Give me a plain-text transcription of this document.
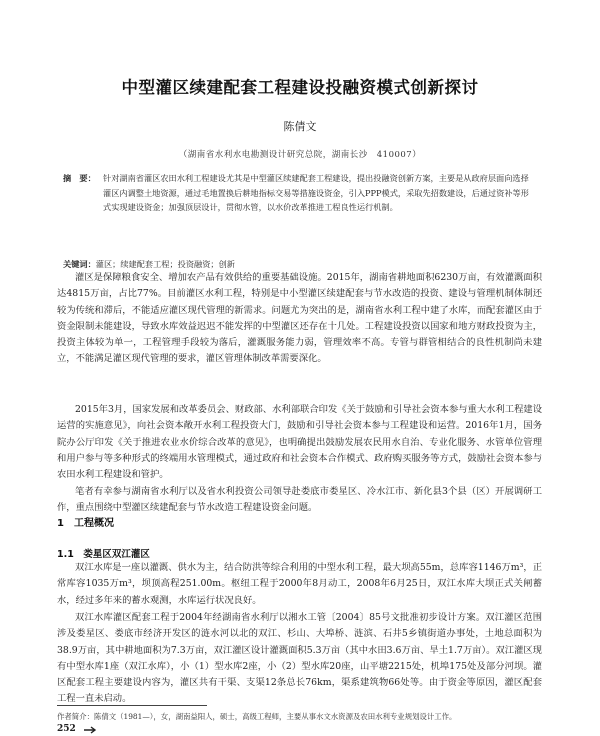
中型灌区续建配套工程建设投融资模式创新探讨
陈倩文
（湖南省水利水电勘测设计研究总院，湖南长沙　410007）
摘　要： 针对湖南省灌区农田水利工程建设尤其是中型灌区续建配套工程建设，提出投融资创新方案，主要是从政府层面向选择灌区内调整土地资源，通过毛地置换后耕地指标交易等措施设资金，引入PPP模式，采取先招数建设，后通过资补等形式实现建设资金；加强顶层设计，贯彻水管，以水价改革推进工程良性运行机制。
关键词：灌区；续建配套工程；投资融资；创新
灌区是保障粮食安全、增加农产品有效供给的重要基础设施。2015年，湖南省耕地面积6230万亩，有效灌溉面积达4815万亩，占比77%。目前灌区水利工程，特别是中小型灌区续建配套与节水改造的投资、建设与管理机制体制还较为传统和滞后，不能适应灌区现代管理的新需求。问题尤为突出的是，湖南省水利工程中建了水库，而配套灌区由于资金限制未能建设，导致水库效益迟迟不能发挥的中型灌区还存在十几处。工程建设投资以国家和地方财政投资为主，投资主体较为单一，工程管理手段较为落后，灌溉服务能力弱，管理效率不高。专管与群管相结合的良性机制尚未建立，不能满足灌区现代管理的要求，灌区管理体制改革需要深化。
2015年3月，国家发展和改革委员会、财政部、水利部联合印发《关于鼓励和引导社会资本参与重大水利工程建设运营的实施意见》，向社会资本敞开水利工程投资大门，鼓励和引导社会资本参与工程建设和运营。2016年1月，国务院办公厅印发《关于推进农业水价综合改革的意见》，也明确提出鼓励发展农民用水自治、专业化服务、水管单位管理和用户参与等多种形式的终端用水管理模式，通过政府和社会资本合作模式、政府购买服务等方式，鼓励社会资本参与农田水利工程建设和管护。
笔者有幸参与湖南省水利厅以及省水利投资公司领导赴娄底市娄星区、冷水江市、新化县3个县（区）开展调研工作，重点围绕中型灌区续建配套与节水改造工程建设资金问题。
1　工程概况
1.1　娄星区双江灌区
双江水库是一座以灌溉、供水为主，结合防洪等综合利用的中型水利工程，最大坝高55m，总库容1146万m³，正常库容1035万m³，坝顶高程251.00m。枢纽工程于2000年8月动工，2008年6月25日，双江水库大坝正式关闸蓄水，经过多年来的蓄水观测，水库运行状况良好。
双江水库灌区配套工程于2004年经湖南省水利厅以湘水工管〔2004〕85号文批准初步设计方案。双江灌区范围涉及娄星区、娄底市经济开发区的涟水河以北的双江、杉山、大埠桥、涟滨、石井5乡镇街道办事处，土地总面积为38.9万亩，其中耕地面积为7.3万亩，双江灌区设计灌溉面积5.3万亩（其中水田3.6万亩、旱土1.7万亩）。双江灌区现有中型水库1座（双江水库），小（1）型水库2座，小（2）型水库20座，山平塘2215处，机埠175处及部分河坝。灌区配套工程主要建设内容为，灌区共有干渠、支渠12条总长76km，渠系建筑物66处等。由于资金等原因，灌区配套工程一直未启动。
作者简介：陈倩文（1981—），女，湖南益阳人，硕士，高级工程师，主要从事水文水资源及农田水利专业规划设计工作。
252
